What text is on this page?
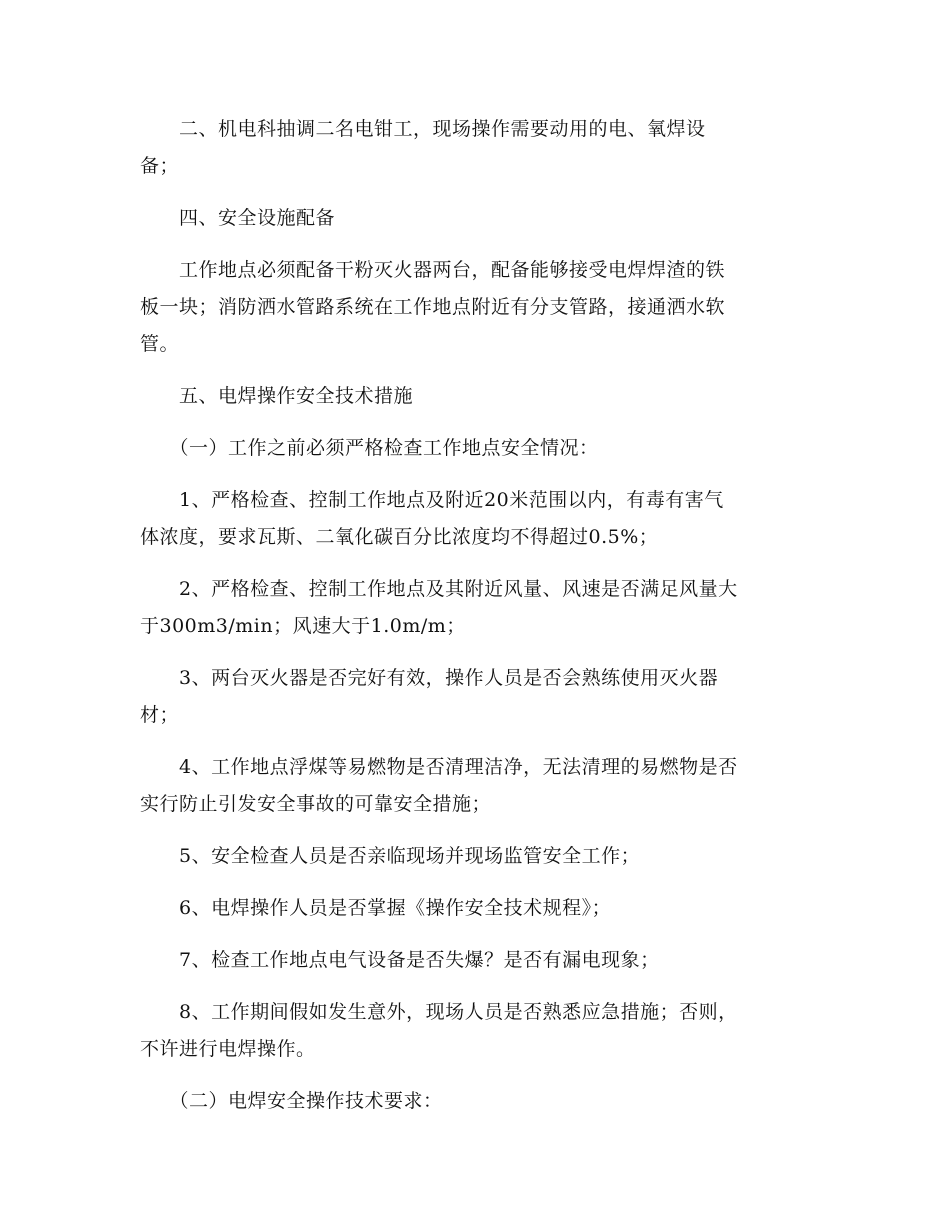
　　二、机电科抽调二名电钳工，现场操作需要动用的电、氧焊设
备；
　　四、安全设施配备
　　工作地点必须配备干粉灭火器两台，配备能够接受电焊焊渣的铁
板一块；消防洒水管路系统在工作地点附近有分支管路，接通洒水软
管。
　　五、电焊操作安全技术措施
　　（一）工作之前必须严格检查工作地点安全情况：
　　1、严格检查、控制工作地点及附近20米范围以内，有毒有害气
体浓度，要求瓦斯、二氧化碳百分比浓度均不得超过0.5%；
　　2、严格检查、控制工作地点及其附近风量、风速是否满足风量大
于300m3/min；风速大于1.0m/m；
　　3、两台灭火器是否完好有效，操作人员是否会熟练使用灭火器
材；
　　4、工作地点浮煤等易燃物是否清理洁净，无法清理的易燃物是否
实行防止引发安全事故的可靠安全措施；
　　5、安全检查人员是否亲临现场并现场监管安全工作；
　　6、电焊操作人员是否掌握《操作安全技术规程》；
　　7、检查工作地点电气设备是否失爆？是否有漏电现象；
　　8、工作期间假如发生意外，现场人员是否熟悉应急措施；否则，
不许进行电焊操作。
　　（二）电焊安全操作技术要求：
